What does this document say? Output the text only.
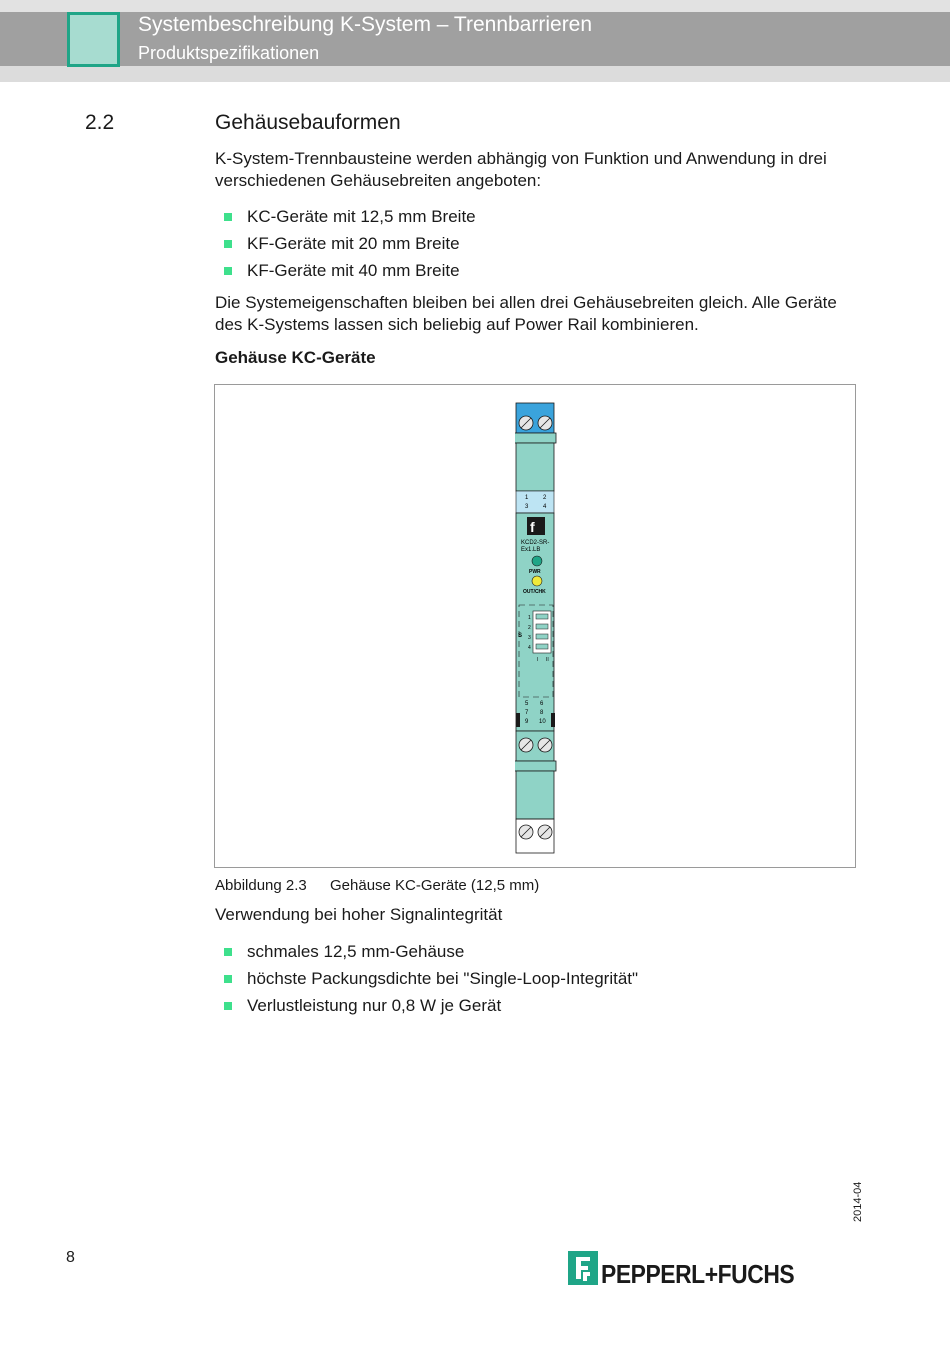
Systembeschreibung K-System – Trennbarrieren
Produktspezifikationen
2.2	Gehäusebauformen
K-System-Trennbausteine werden abhängig von Funktion und Anwendung in drei verschiedenen Gehäusebreiten angeboten:
KC-Geräte mit 12,5 mm Breite
KF-Geräte mit 20 mm Breite
KF-Geräte mit 40 mm Breite
Die Systemeigenschaften bleiben bei allen drei Gehäusebreiten gleich. Alle Geräte des K-Systems lassen sich beliebig auf Power Rail kombinieren.
Gehäuse KC-Geräte
1 2
3 4
f
KCD2-SR-
Ex1.LB
PWR
OUT/CHK
S
1
2
3
4
I II
5 6
7 8
9 10
Abbildung 2.3 Gehäuse KC-Geräte (12,5 mm)
Verwendung bei hoher Signalintegrität
schmales 12,5 mm-Gehäuse
höchste Packungsdichte bei "Single-Loop-Integrität"
Verlustleistung nur 0,8 W je Gerät
2014-04
8
PEPPERL+FUCHS
